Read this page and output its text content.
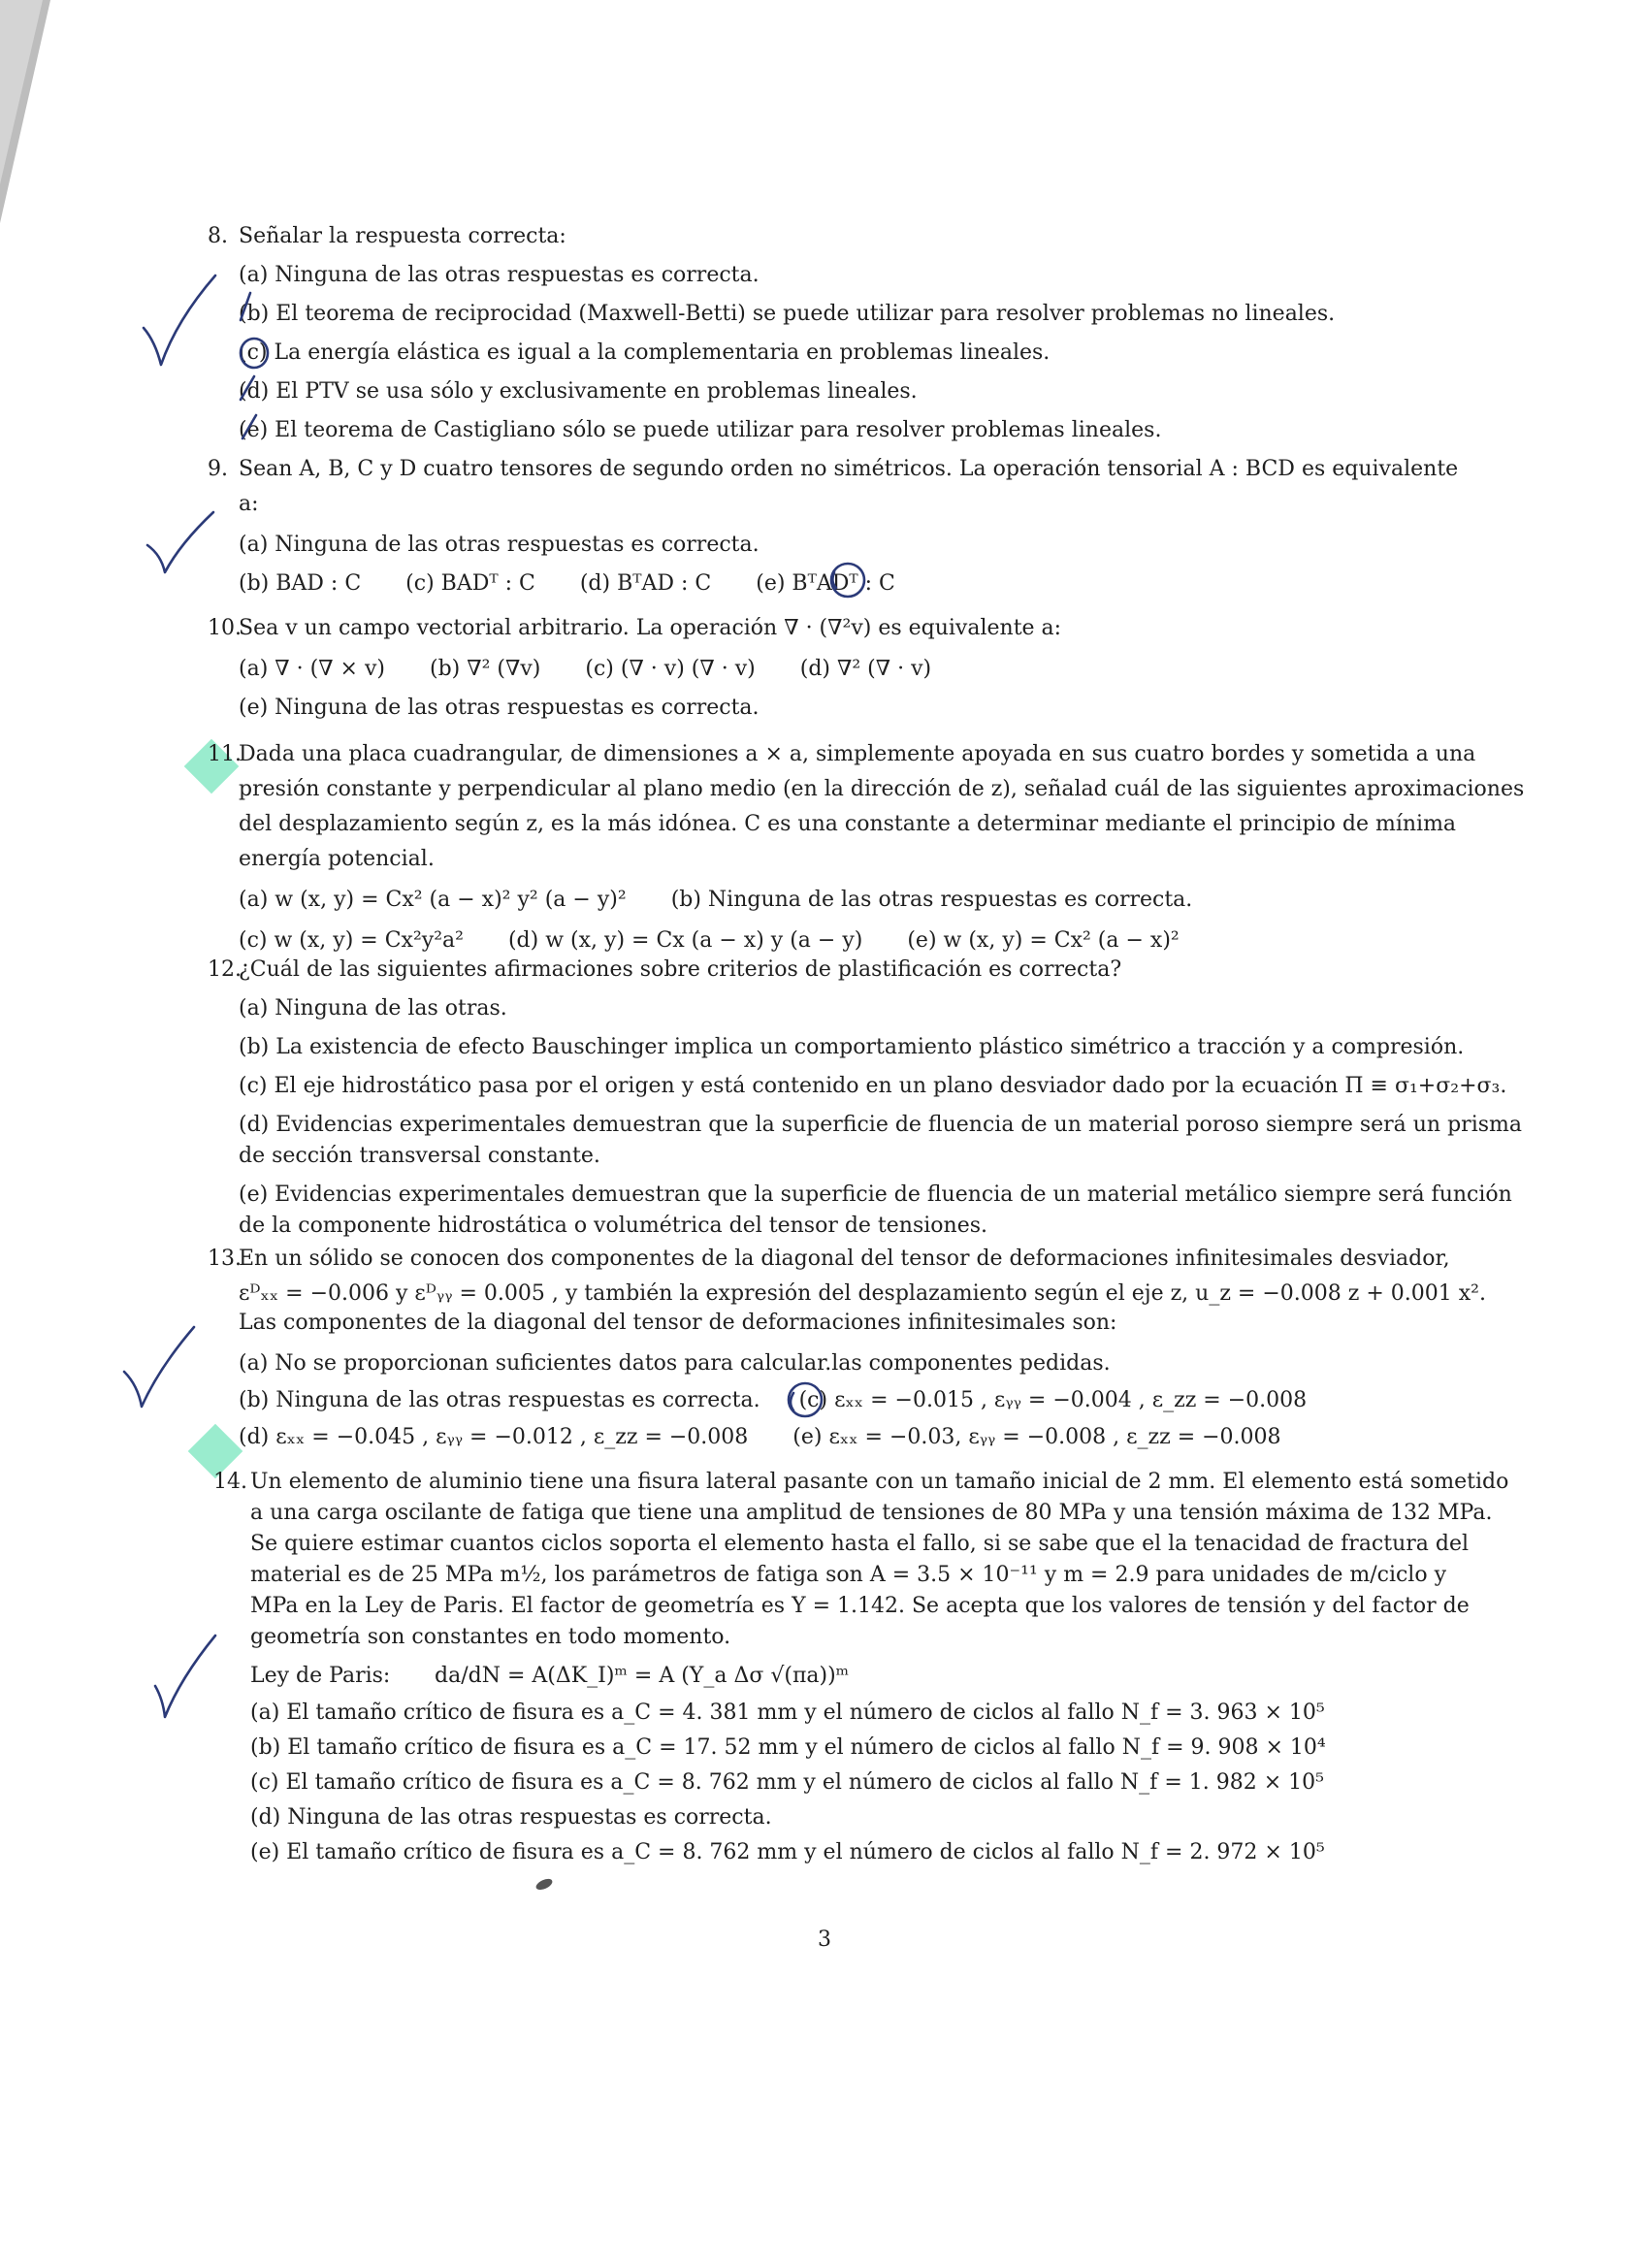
8. Señalar la respuesta correcta:
(a) Ninguna de las otras respuestas es correcta.
(b) El teorema de reciprocidad (Maxwell-Betti) se puede utilizar para resolver problemas no lineales.
(c) La energía elástica es igual a la complementaria en problemas lineales.
(d) El PTV se usa sólo y exclusivamente en problemas lineales.
(e) El teorema de Castigliano sólo se puede utilizar para resolver problemas lineales.
9. Sean A, B, C y D cuatro tensores de segundo orden no simétricos. La operación tensorial A : BCD es equivalente
a:
(a) Ninguna de las otras respuestas es correcta.
(b) BAD : C (c) BADᵀ : C (d) BᵀAD : C (e) BᵀADᵀ : C
10.Sea v un campo vectorial arbitrario. La operación ∇ · (∇²v) es equivalente a:
(a) ∇ · (∇ × v) (b) ∇² (∇v) (c) (∇ · v) (∇ · v) (d) ∇² (∇ · v)
(e) Ninguna de las otras respuestas es correcta.
11.Dada una placa cuadrangular, de dimensiones a × a, simplemente apoyada en sus cuatro bordes y sometida a una
presión constante y perpendicular al plano medio (en la dirección de z), señalad cuál de las siguientes aproximaciones
del desplazamiento según z, es la más idónea. C es una constante a determinar mediante el principio de mínima
energía potencial.
(a) w (x, y) = Cx² (a − x)² y² (a − y)² (b) Ninguna de las otras respuestas es correcta.
(c) w (x, y) = Cx²y²a² (d) w (x, y) = Cx (a − x) y (a − y) (e) w (x, y) = Cx² (a − x)²
12.¿Cuál de las siguientes afirmaciones sobre criterios de plastificación es correcta?
(a) Ninguna de las otras.
(b) La existencia de efecto Bauschinger implica un comportamiento plástico simétrico a tracción y a compresión.
(c) El eje hidrostático pasa por el origen y está contenido en un plano desviador dado por la ecuación Π ≡ σ₁+σ₂+σ₃.
(d) Evidencias experimentales demuestran que la superficie de fluencia de un material poroso siempre será un prisma
de sección transversal constante.
(e) Evidencias experimentales demuestran que la superficie de fluencia de un material metálico siempre será función
de la componente hidrostática o volumétrica del tensor de tensiones.
13.En un sólido se conocen dos componentes de la diagonal del tensor de deformaciones infinitesimales desviador,
εᴰₓₓ = −0.006 y εᴰᵧᵧ = 0.005 , y también la expresión del desplazamiento según el eje z, u_z = −0.008 z + 0.001 x².
Las componentes de la diagonal del tensor de deformaciones infinitesimales son:
(a) No se proporcionan suficientes datos para calcular.las componentes pedidas.
(b) Ninguna de las otras respuestas es correcta. (c) εₓₓ = −0.015 , εᵧᵧ = −0.004 , ε_zz = −0.008
(d) εₓₓ = −0.045 , εᵧᵧ = −0.012 , ε_zz = −0.008 (e) εₓₓ = −0.03, εᵧᵧ = −0.008 , ε_zz = −0.008
14. Un elemento de aluminio tiene una fisura lateral pasante con un tamaño inicial de 2 mm. El elemento está sometido
a una carga oscilante de fatiga que tiene una amplitud de tensiones de 80 MPa y una tensión máxima de 132 MPa.
Se quiere estimar cuantos ciclos soporta el elemento hasta el fallo, si se sabe que el la tenacidad de fractura del
material es de 25 MPa m½, los parámetros de fatiga son A = 3.5 × 10⁻¹¹ y m = 2.9 para unidades de m/ciclo y
MPa en la Ley de Paris. El factor de geometría es Y = 1.142. Se acepta que los valores de tensión y del factor de
geometría son constantes en todo momento.
Ley de Paris: da/dN = A(ΔK_I)ᵐ = A (Y_a Δσ √(πa))ᵐ
(a) El tamaño crítico de fisura es a_C = 4. 381 mm y el número de ciclos al fallo N_f = 3. 963 × 10⁵
(b) El tamaño crítico de fisura es a_C = 17. 52 mm y el número de ciclos al fallo N_f = 9. 908 × 10⁴
(c) El tamaño crítico de fisura es a_C = 8. 762 mm y el número de ciclos al fallo N_f = 1. 982 × 10⁵
(d) Ninguna de las otras respuestas es correcta.
(e) El tamaño crítico de fisura es a_C = 8. 762 mm y el número de ciclos al fallo N_f = 2. 972 × 10⁵
3
